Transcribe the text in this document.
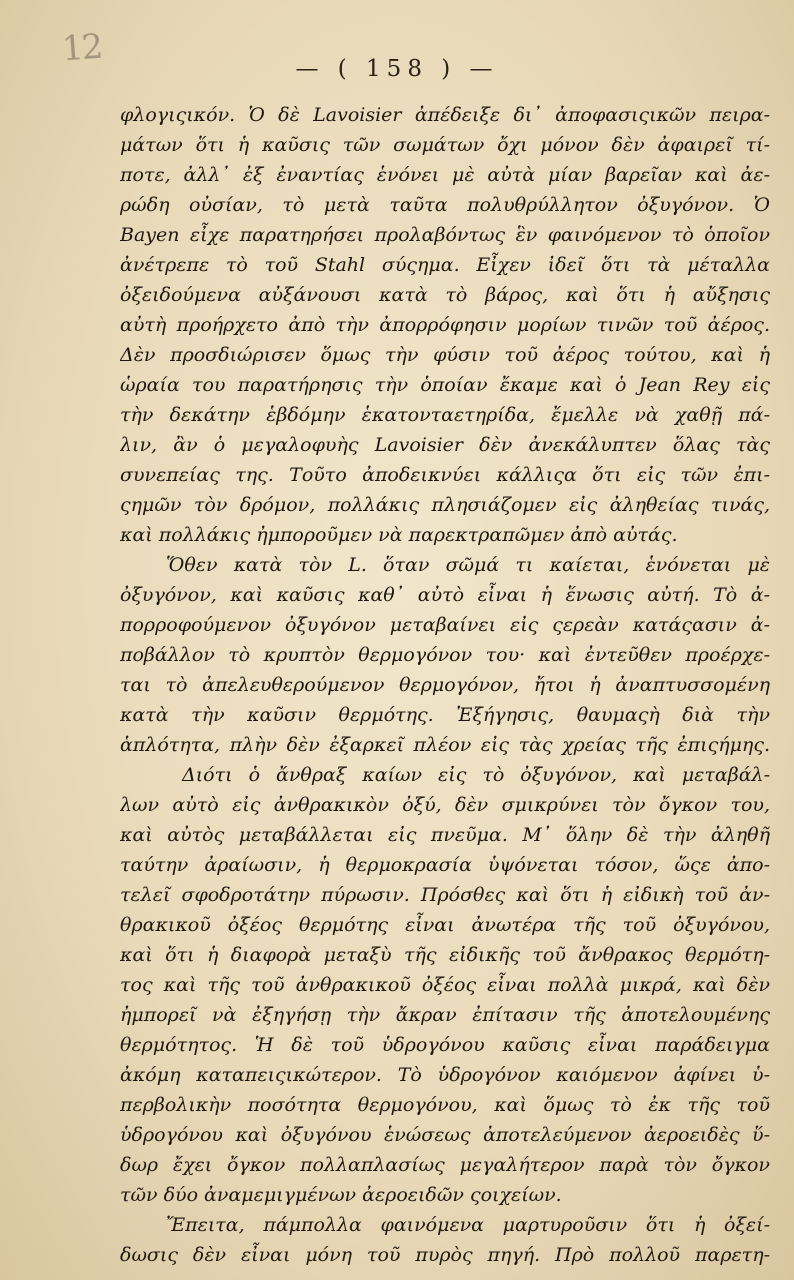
12	— ( 158 ) —
φλογιςικόν. Ὁ δὲ Lavoisier ἀπέδειξε δι᾽ ἀποφασιςικῶν πειρα-
μάτων ὅτι ἡ καῦσις τῶν σωμάτων ὄχι μόνον δὲν ἀφαιρεῖ τί-
ποτε, ἀλλ᾽ ἐξ ἐναντίας ἑνόνει μὲ αὐτὰ μίαν βαρεῖαν καὶ ἀε-
ρώδη οὐσίαν, τὸ μετὰ ταῦτα πολυθρύλλητον ὀξυγόνον. Ὁ
Bayen εἶχε παρατηρήσει προλαβόντως ἓν φαινόμενον τὸ ὁποῖον
ἀνέτρεπε τὸ τοῦ Stahl σύςημα. Εἶχεν ἰδεῖ ὅτι τὰ μέταλλα
ὀξειδούμενα αὐξάνουσι κατὰ τὸ βάρος, καὶ ὅτι ἡ αὔξησις
αὐτὴ προήρχετο ἀπὸ τὴν ἀπορρόφησιν μορίων τινῶν τοῦ ἀέρος.
Δὲν προσδιώρισεν ὅμως τὴν φύσιν τοῦ ἀέρος τούτου, καὶ ἡ
ὡραία του παρατήρησις τὴν ὁποίαν ἔκαμε καὶ ὁ Jean Rey εἰς
τὴν δεκάτην ἑβδόμην ἑκατονταετηρίδα, ἔμελλε νὰ χαθῇ πά-
λιν, ἂν ὁ μεγαλοφυὴς Lavoisier δὲν ἀνεκάλυπτεν ὅλας τὰς
συνεπείας της. Τοῦτο ἀποδεικνύει κάλλιςα ὅτι εἰς τῶν ἐπι-
ςημῶν τὸν δρόμον, πολλάκις πλησιάζομεν εἰς ἀληθείας τινάς,
καὶ πολλάκις ἠμποροῦμεν νὰ παρεκτραπῶμεν ἀπὸ αὐτάς.
Ὅθεν κατὰ τὸν L. ὅταν σῶμά τι καίεται, ἑνόνεται μὲ
ὀξυγόνον, καὶ καῦσις καθ᾽ αὐτὸ εἶναι ἡ ἕνωσις αὐτή. Τὸ ἀ-
πορροφούμενον ὀξυγόνον μεταβαίνει εἰς ςερεὰν κατάςασιν ἀ-
ποβάλλον τὸ κρυπτὸν θερμογόνον του· καὶ ἐντεῦθεν προέρχε-
ται τὸ ἀπελευθερούμενον θερμογόνον, ἤτοι ἡ ἀναπτυσσομένη
κατὰ τὴν καῦσιν θερμότης. Ἐξήγησις, θαυμαςὴ διὰ τὴν
ἁπλότητα, πλὴν δὲν ἐξαρκεῖ πλέον εἰς τὰς χρείας τῆς ἐπιςήμης.
Διότι ὁ ἄνθραξ καίων εἰς τὸ ὀξυγόνον, καὶ μεταβάλ-
λων αὐτὸ εἰς ἀνθρακικὸν ὀξύ, δὲν σμικρύνει τὸν ὄγκον του,
καὶ αὐτὸς μεταβάλλεται εἰς πνεῦμα. Μ᾽ ὅλην δὲ τὴν ἀληθῆ
ταύτην ἀραίωσιν, ἡ θερμοκρασία ὑψόνεται τόσον, ὥςε ἀπο-
τελεῖ σφοδροτάτην πύρωσιν. Πρόσθες καὶ ὅτι ἡ εἰδικὴ τοῦ ἀν-
θρακικοῦ ὀξέος θερμότης εἶναι ἀνωτέρα τῆς τοῦ ὀξυγόνου,
καὶ ὅτι ἡ διαφορὰ μεταξὺ τῆς εἰδικῆς τοῦ ἄνθρακος θερμότη-
τος καὶ τῆς τοῦ ἀνθρακικοῦ ὀξέος εἶναι πολλὰ μικρά, καὶ δὲν
ἠμπορεῖ νὰ ἐξηγήσῃ τὴν ἄκραν ἐπίτασιν τῆς ἀποτελουμένης
θερμότητος. Ἡ δὲ τοῦ ὑδρογόνου καῦσις εἶναι παράδειγμα
ἀκόμη καταπειςικώτερον. Τὸ ὑδρογόνον καιόμενον ἀφίνει ὑ-
περβολικὴν ποσότητα θερμογόνου, καὶ ὅμως τὸ ἐκ τῆς τοῦ
ὑδρογόνου καὶ ὀξυγόνου ἑνώσεως ἀποτελεύμενον ἀεροειδὲς ὕ-
δωρ ἔχει ὄγκον πολλαπλασίως μεγαλήτερον παρὰ τὸν ὄγκον
τῶν δύο ἀναμεμιγμένων ἀεροειδῶν ςοιχείων.
Ἔπειτα, πάμπολλα φαινόμενα μαρτυροῦσιν ὅτι ἡ ὀξεί-
δωσις δὲν εἶναι μόνη τοῦ πυρὸς πηγή. Πρὸ πολλοῦ παρετη-
